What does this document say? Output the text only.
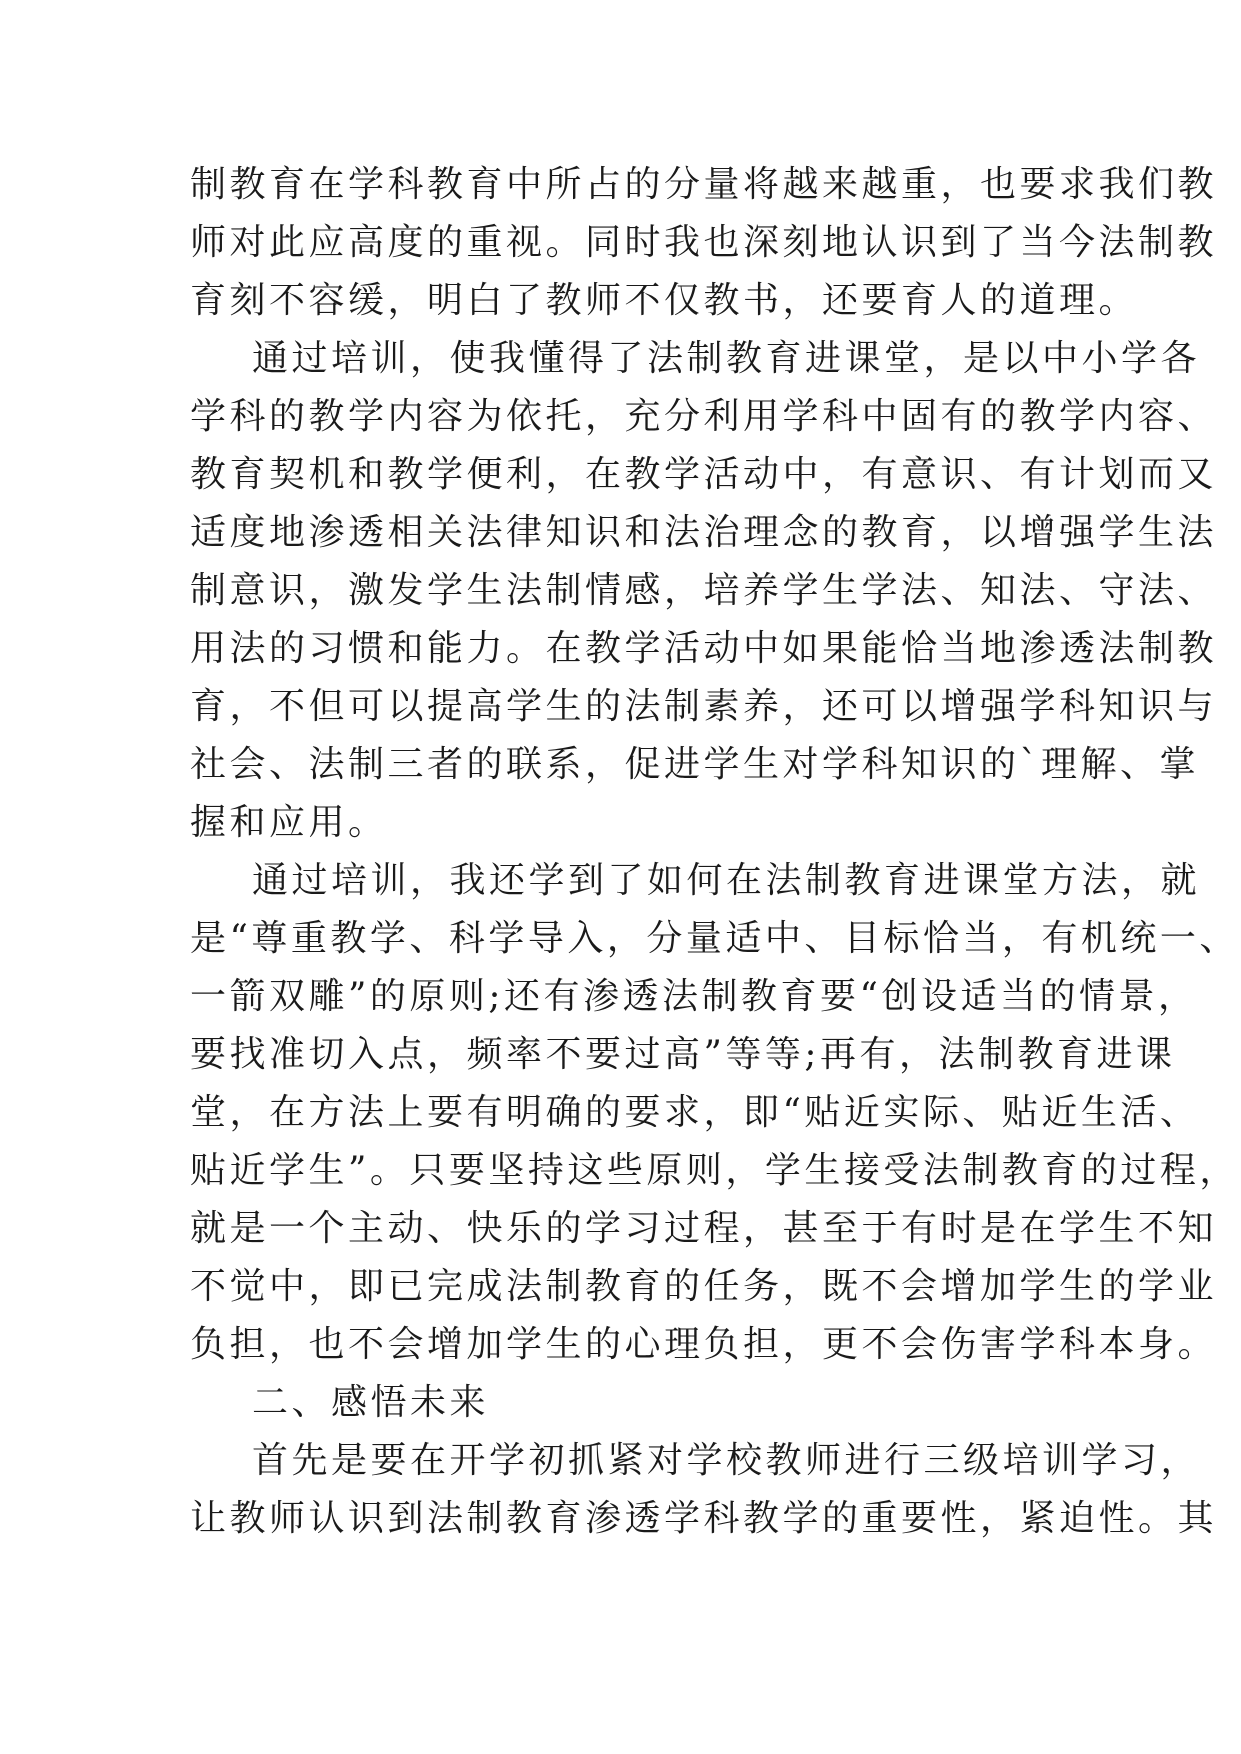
制教育在学科教育中所占的分量将越来越重，也要求我们教
师对此应高度的重视。同时我也深刻地认识到了当今法制教
育刻不容缓，明白了教师不仅教书，还要育人的道理。
通过培训，使我懂得了法制教育进课堂，是以中小学各
学科的教学内容为依托，充分利用学科中固有的教学内容、
教育契机和教学便利，在教学活动中，有意识、有计划而又
适度地渗透相关法律知识和法治理念的教育，以增强学生法
制意识，激发学生法制情感，培养学生学法、知法、守法、
用法的习惯和能力。在教学活动中如果能恰当地渗透法制教
育，不但可以提高学生的法制素养，还可以增强学科知识与
社会、法制三者的联系，促进学生对学科知识的`理解、掌
握和应用。
通过培训，我还学到了如何在法制教育进课堂方法，就
是“尊重教学、科学导入，分量适中、目标恰当，有机统一、
一箭双雕”的原则;还有渗透法制教育要“创设适当的情景，
要找准切入点，频率不要过高”等等;再有，法制教育进课
堂，在方法上要有明确的要求，即“贴近实际、贴近生活、
贴近学生”。只要坚持这些原则，学生接受法制教育的过程，
就是一个主动、快乐的学习过程，甚至于有时是在学生不知
不觉中，即已完成法制教育的任务，既不会增加学生的学业
负担，也不会增加学生的心理负担，更不会伤害学科本身。
二、感悟未来
首先是要在开学初抓紧对学校教师进行三级培训学习，
让教师认识到法制教育渗透学科教学的重要性，紧迫性。其
